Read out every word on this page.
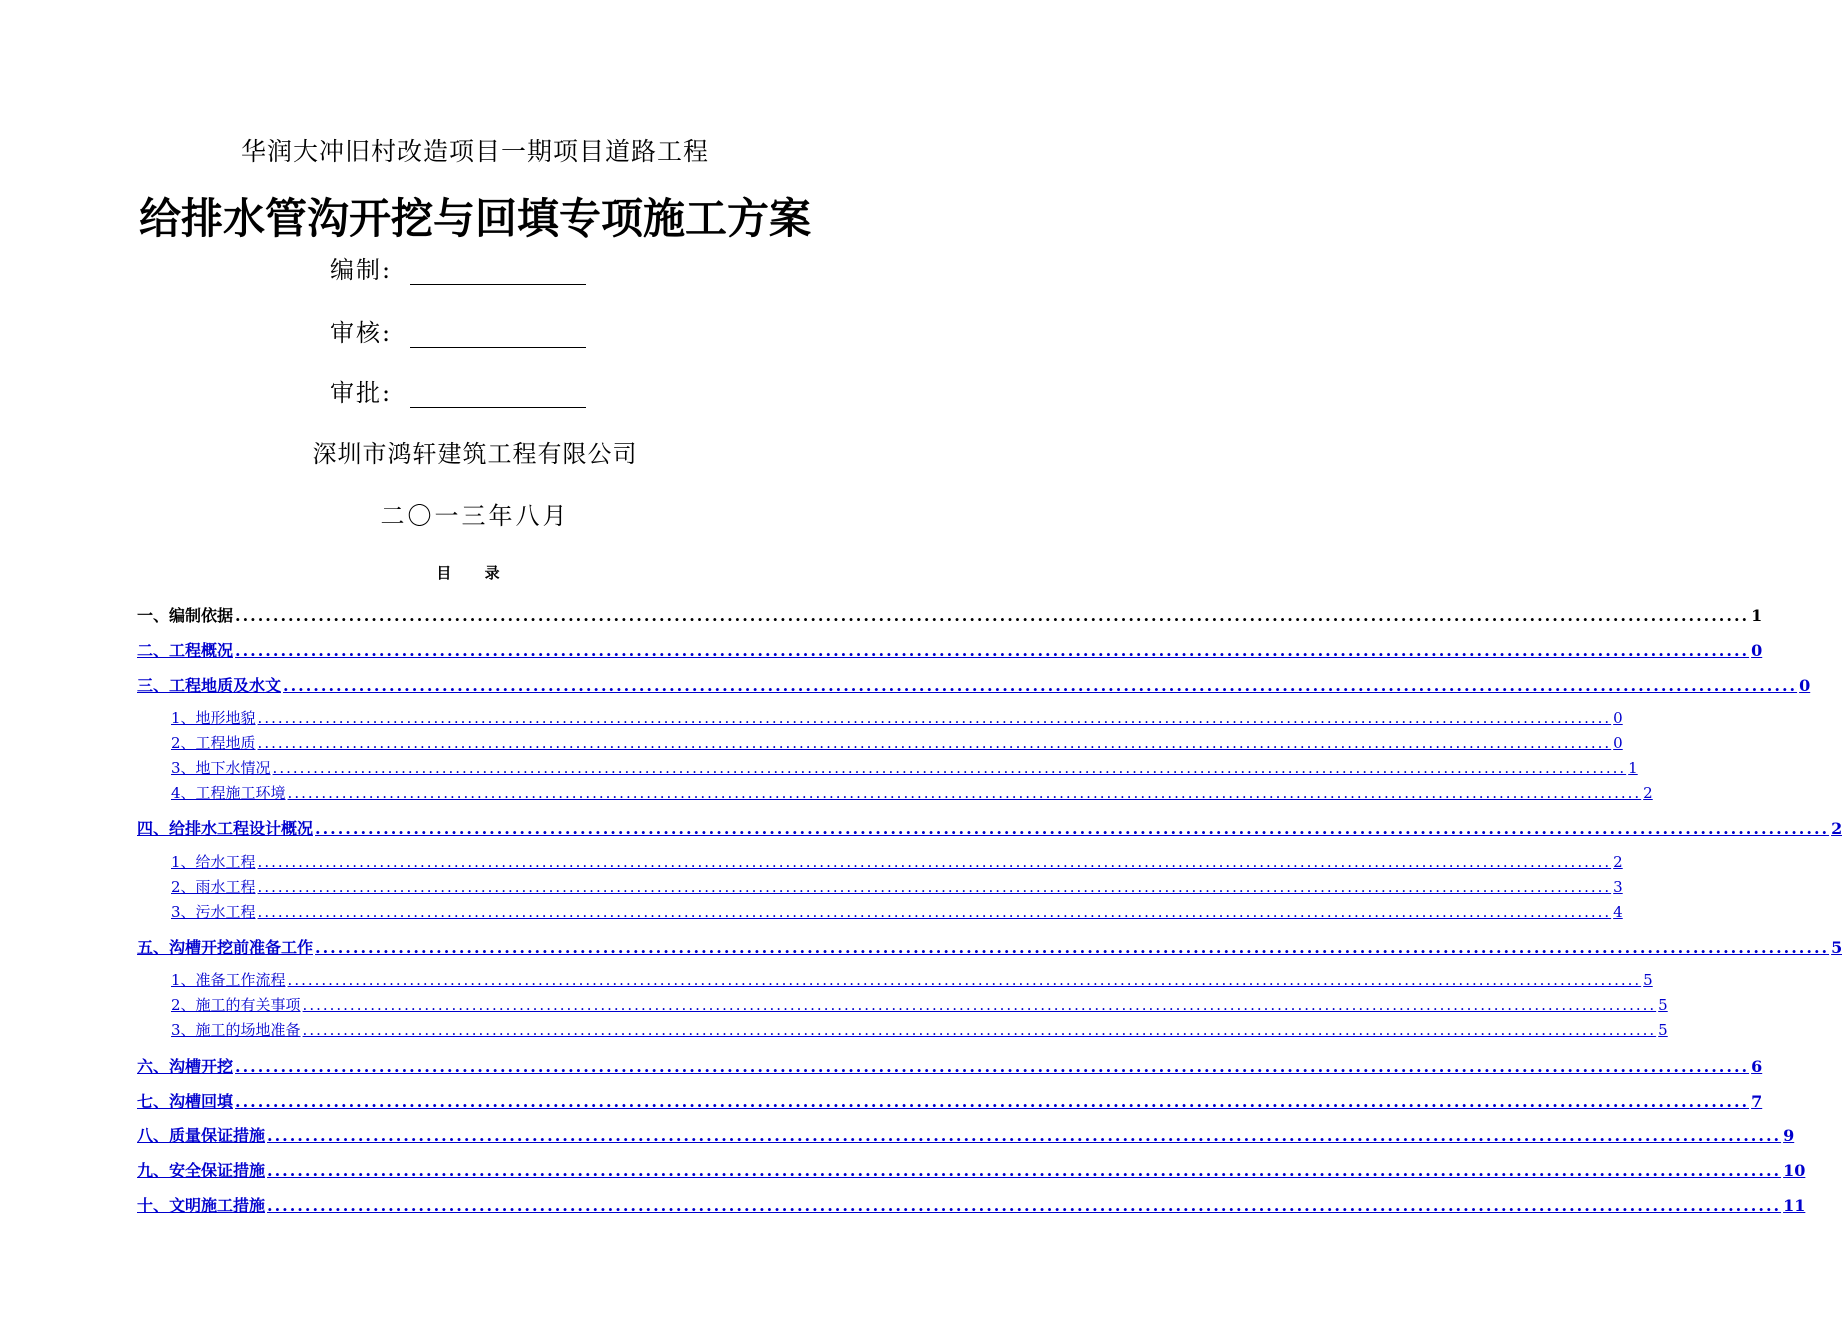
华润大冲旧村改造项目一期项目道路工程
给排水管沟开挖与回填专项施工方案
编制:
审核:
审批:
深圳市鸿轩建筑工程有限公司
二〇一三年八月
目 录
一、编制依据 ........................................................................................................................................................................................................ 1
二、工程概况 ........................................................................................................................................................................................................ 0
三、工程地质及水文 ........................................................................................................................................................................................................ 0
1、地形地貌 ........................................................................................................................................................................................................ 0
2、工程地质 ........................................................................................................................................................................................................ 0
3、地下水情况 ........................................................................................................................................................................................................ 1
4、工程施工环境 ........................................................................................................................................................................................................ 2
四、给排水工程设计概况 ........................................................................................................................................................................................................ 2
1、给水工程 ........................................................................................................................................................................................................ 2
2、雨水工程 ........................................................................................................................................................................................................ 3
3、污水工程 ........................................................................................................................................................................................................ 4
五、沟槽开挖前准备工作 ........................................................................................................................................................................................................ 5
1、准备工作流程 ........................................................................................................................................................................................................ 5
2、施工的有关事项 ........................................................................................................................................................................................................ 5
3、施工的场地准备 ........................................................................................................................................................................................................ 5
六、沟槽开挖 ........................................................................................................................................................................................................ 6
七、沟槽回填 ........................................................................................................................................................................................................ 7
八、质量保证措施 ........................................................................................................................................................................................................ 9
九、安全保证措施 ........................................................................................................................................................................................................ 10
十、文明施工措施 ........................................................................................................................................................................................................ 11
